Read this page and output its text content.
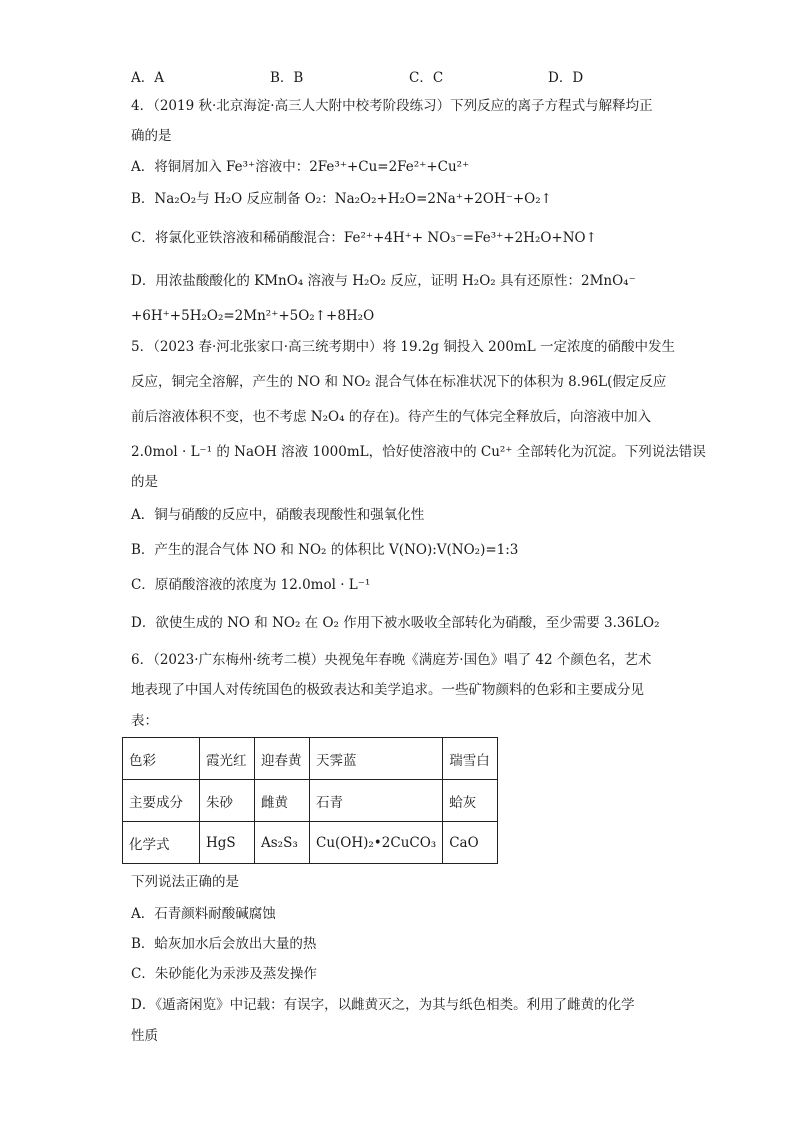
A．A	B．B	C．C	D．D
4．（2019 秋·北京海淀·高三人大附中校考阶段练习）下列反应的离子方程式与解释均正
确的是
A．将铜屑加入 Fe³⁺溶液中：2Fe³⁺+Cu=2Fe²⁺+Cu²⁺
B．Na₂O₂与 H₂O 反应制备 O₂：Na₂O₂+H₂O=2Na⁺+2OH⁻+O₂↑
C．将氯化亚铁溶液和稀硝酸混合：Fe²⁺+4H⁺+ NO₃⁻=Fe³⁺+2H₂O+NO↑
D．用浓盐酸酸化的 KMnO₄ 溶液与 H₂O₂ 反应，证明 H₂O₂ 具有还原性：2MnO₄⁻
+6H⁺+5H₂O₂=2Mn²⁺+5O₂↑+8H₂O
5．（2023 春·河北张家口·高三统考期中）将 19.2g 铜投入 200mL 一定浓度的硝酸中发生
反应，铜完全溶解，产生的 NO 和 NO₂ 混合气体在标准状况下的体积为 8.96L(假定反应
前后溶液体积不变，也不考虑 N₂O₄ 的存在)。待产生的气体完全释放后，向溶液中加入
2.0mol · L⁻¹ 的 NaOH 溶液 1000mL，恰好使溶液中的 Cu²⁺ 全部转化为沉淀。下列说法错误
的是
A．铜与硝酸的反应中，硝酸表现酸性和强氧化性
B．产生的混合气体 NO 和 NO₂ 的体积比 V(NO):V(NO₂)=1:3
C．原硝酸溶液的浓度为 12.0mol · L⁻¹
D．欲使生成的 NO 和 NO₂ 在 O₂ 作用下被水吸收全部转化为硝酸，至少需要 3.36LO₂
6．（2023·广东梅州·统考二模）央视兔年春晚《满庭芳·国色》唱了 42 个颜色名，艺术
地表现了中国人对传统国色的极致表达和美学追求。一些矿物颜料的色彩和主要成分见
表：
色彩	霞光红	迎春黄	天霁蓝	瑞雪白
主要成分	朱砂	雌黄	石青	蛤灰
化学式	HgS	As₂S₃	Cu(OH)₂•2CuCO₃	CaO
下列说法正确的是
A．石青颜料耐酸碱腐蚀
B．蛤灰加水后会放出大量的热
C．朱砂能化为汞涉及蒸发操作
D．《遁斋闲览》中记载：有误字，以雌黄灭之，为其与纸色相类。利用了雌黄的化学
性质
